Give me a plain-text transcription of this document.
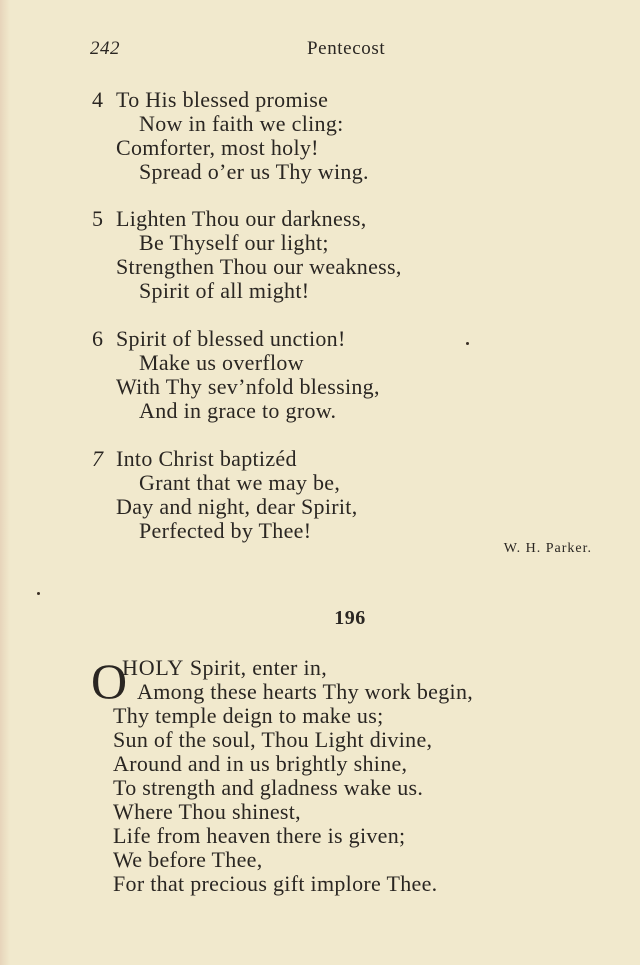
242	Pentecost
4 To His blessed promise
Now in faith we cling:
Comforter, most holy!
Spread o’er us Thy wing.
5 Lighten Thou our darkness,
Be Thyself our light;
Strengthen Thou our weakness,
Spirit of all might!
6 Spirit of blessed unction!
Make us overflow
With Thy sev’nfold blessing,
And in grace to grow.
7 Into Christ baptizéd
Grant that we may be,
Day and night, dear Spirit,
Perfected by Thee!
W. H. Parker.
196
O
HOLY Spirit, enter in,
Among these hearts Thy work begin,
Thy temple deign to make us;
Sun of the soul, Thou Light divine,
Around and in us brightly shine,
To strength and gladness wake us.
Where Thou shinest,
Life from heaven there is given;
We before Thee,
For that precious gift implore Thee.
